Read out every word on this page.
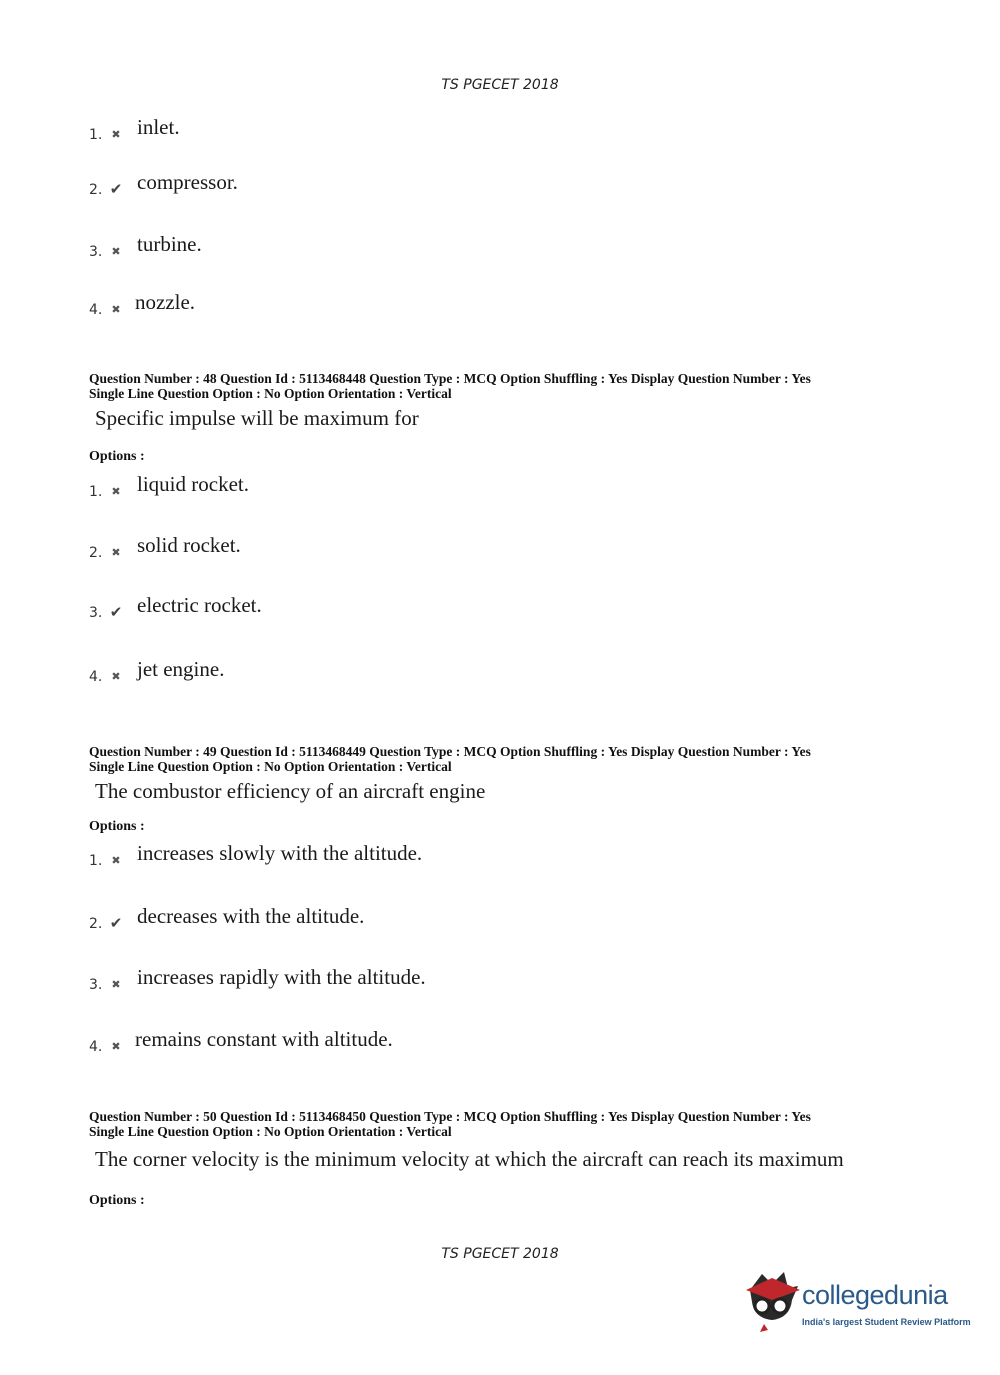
TS PGECET 2018
1. ✖ inlet.
2. ✔ compressor.
3. ✖ turbine.
4. ✖ nozzle.
Question Number : 48 Question Id : 5113468448 Question Type : MCQ Option Shuffling : Yes Display Question Number : Yes
Single Line Question Option : No Option Orientation : Vertical
Specific impulse will be maximum for
Options :
1. ✖ liquid rocket.
2. ✖ solid rocket.
3. ✔ electric rocket.
4. ✖ jet engine.
Question Number : 49 Question Id : 5113468449 Question Type : MCQ Option Shuffling : Yes Display Question Number : Yes
Single Line Question Option : No Option Orientation : Vertical
The combustor efficiency of an aircraft engine
Options :
1. ✖ increases slowly with the altitude.
2. ✔ decreases with the altitude.
3. ✖ increases rapidly with the altitude.
4. ✖ remains constant with altitude.
Question Number : 50 Question Id : 5113468450 Question Type : MCQ Option Shuffling : Yes Display Question Number : Yes
Single Line Question Option : No Option Orientation : Vertical
The corner velocity is the minimum velocity at which the aircraft can reach its maximum
Options :
TS PGECET 2018
collegedunia
India's largest Student Review Platform
